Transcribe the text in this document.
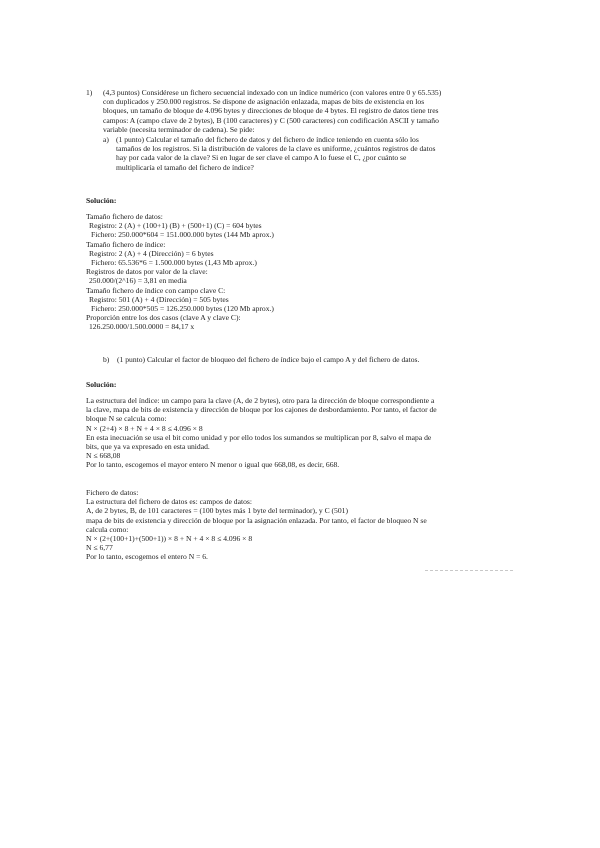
1) (4,3 puntos) Considérese un fichero secuencial indexado con un índice numérico (con valores entre 0 y 65.535)
con duplicados y 250.000 registros. Se dispone de asignación enlazada, mapas de bits de existencia en los
bloques, un tamaño de bloque de 4.096 bytes y direcciones de bloque de 4 bytes. El registro de datos tiene tres
campos: A (campo clave de 2 bytes), B (100 caracteres) y C (500 caracteres) con codificación ASCII y tamaño
variable (necesita terminador de cadena). Se pide:
a) (1 punto) Calcular el tamaño del fichero de datos y del fichero de índice teniendo en cuenta sólo los
tamaños de los registros. Si la distribución de valores de la clave es uniforme, ¿cuántos registros de datos
hay por cada valor de la clave? Si en lugar de ser clave el campo A lo fuese el C, ¿por cuánto se
multiplicaría el tamaño del fichero de índice?
Solución:
Tamaño fichero de datos:
Registro: 2 (A) + (100+1) (B) + (500+1) (C) = 604 bytes
Fichero: 250.000*604 = 151.000.000 bytes (144 Mb aprox.)
Tamaño fichero de índice:
Registro: 2 (A) + 4 (Dirección) = 6 bytes
Fichero: 65.536*6 = 1.500.000 bytes (1,43 Mb aprox.)
Registros de datos por valor de la clave:
250.000/(2^16) = 3,81 en media
Tamaño fichero de índice con campo clave C:
Registro: 501 (A) + 4 (Dirección) = 505 bytes
Fichero: 250.000*505 = 126.250.000 bytes (120 Mb aprox.)
Proporción entre los dos casos (clave A y clave C):
126.250.000/1.500.0000 = 84,17 x
b)	(1 punto) Calcular el factor de bloqueo del fichero de índice bajo el campo A y del fichero de datos.
Solución:
La estructura del índice: un campo para la clave (A, de 2 bytes), otro para la dirección de bloque correspondiente a
la clave, mapa de bits de existencia y dirección de bloque por los cajones de desbordamiento. Por tanto, el factor de
bloque N se calcula como:
N × (2+4) × 8 + N + 4 × 8 ≤ 4.096 × 8
En esta inecuación se usa el bit como unidad y por ello todos los sumandos se multiplican por 8, salvo el mapa de
bits, que ya va expresado en esta unidad.
N ≤ 668,08
Por lo tanto, escogemos el mayor entero N menor o igual que 668,08, es decir, 668.
Fichero de datos:
La estructura del fichero de datos es: campos de datos:
A, de 2 bytes, B, de 101 caracteres = (100 bytes más 1 byte del terminador), y C (501)
mapa de bits de existencia y dirección de bloque por la asignación enlazada. Por tanto, el factor de bloqueo N se
calcula como:
N × (2+(100+1)+(500+1)) × 8 + N + 4 × 8 ≤ 4.096 × 8
N ≤ 6,77
Por lo tanto, escogemos el entero N = 6.
